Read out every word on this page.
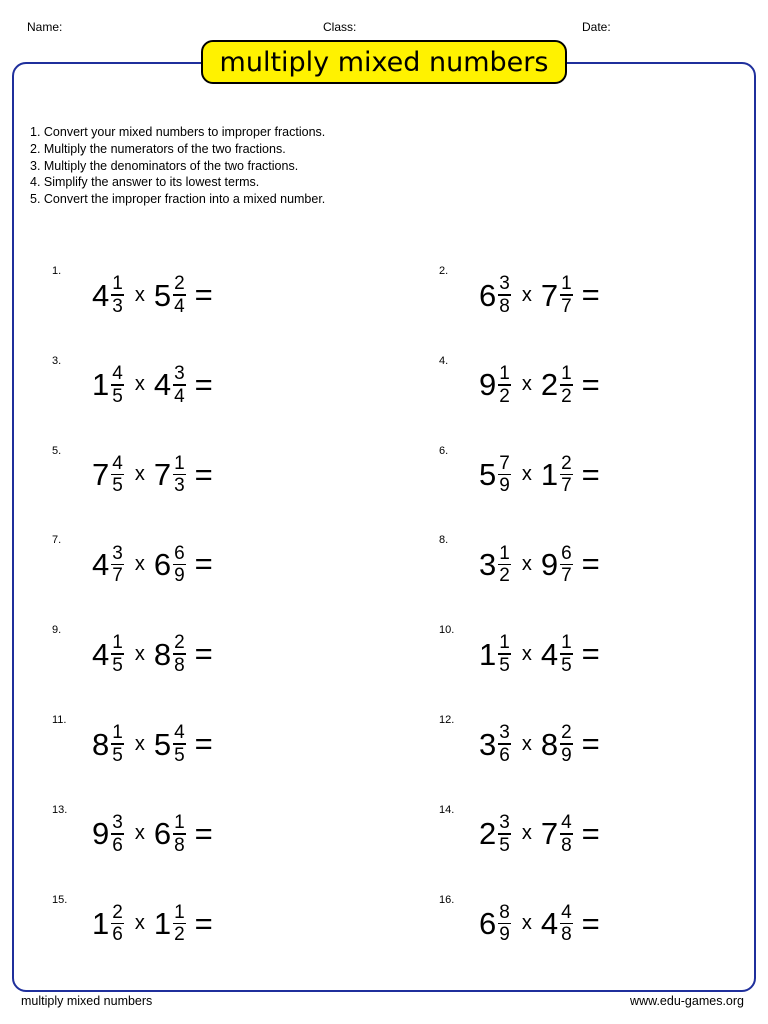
Name:	Class:	Date:
multiply mixed numbers
1. Convert your mixed numbers to improper fractions.
2. Multiply the numerators of the two fractions.
3. Multiply the denominators of the two fractions.
4. Simplify the answer to its lowest terms.
5. Convert the improper fraction into a mixed number.
1.
$4 \frac{1}{3}$ x $5 \frac{2}{4}$ =
2.
$6 \frac{3}{8}$ x $7 \frac{1}{7}$ =
3.
$1 \frac{4}{5}$ x $4 \frac{3}{4}$ =
4.
$9 \frac{1}{2}$ x $2 \frac{1}{2}$ =
5.
$7 \frac{4}{5}$ x $7 \frac{1}{3}$ =
6.
$5 \frac{7}{9}$ x $1 \frac{2}{7}$ =
7.
$4 \frac{3}{7}$ x $6 \frac{6}{9}$ =
8.
$3 \frac{1}{2}$ x $9 \frac{6}{7}$ =
9.
$4 \frac{1}{5}$ x $8 \frac{2}{8}$ =
10.
$1 \frac{1}{5}$ x $4 \frac{1}{5}$ =
11.
$8 \frac{1}{5}$ x $5 \frac{4}{5}$ =
12.
$3 \frac{3}{6}$ x $8 \frac{2}{9}$ =
13.
$9 \frac{3}{6}$ x $6 \frac{1}{8}$ =
14.
$2 \frac{3}{5}$ x $7 \frac{4}{8}$ =
15.
$1 \frac{2}{6}$ x $1 \frac{1}{2}$ =
16.
$6 \frac{8}{9}$ x $4 \frac{4}{8}$ =
multiply mixed numbers	www.edu-games.org
